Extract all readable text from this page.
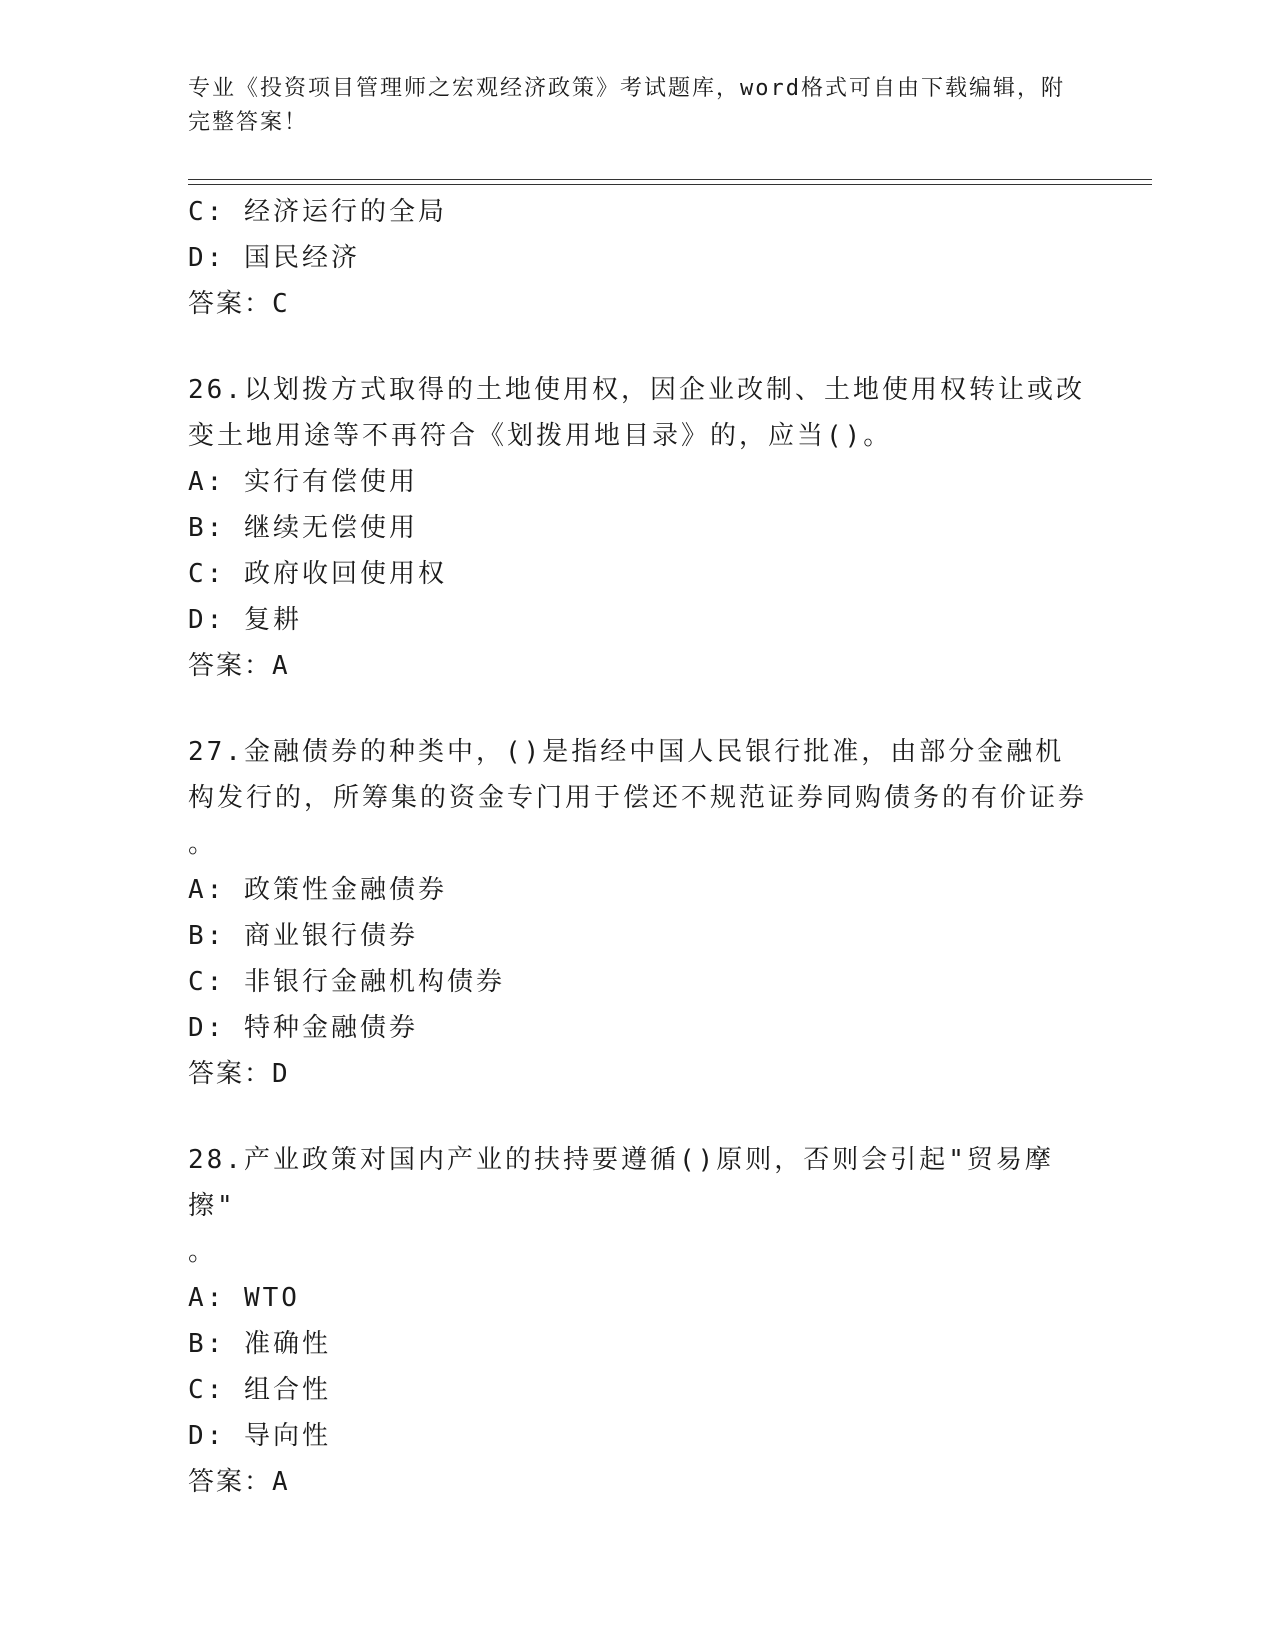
专业《投资项目管理师之宏观经济政策》考试题库，word格式可自由下载编辑，附完整答案！
C: 经济运行的全局
D: 国民经济
答案：C
26.以划拨方式取得的土地使用权，因企业改制、土地使用权转让或改变土地用途等不再符合《划拨用地目录》的，应当()。
A: 实行有偿使用
B: 继续无偿使用
C: 政府收回使用权
D: 复耕
答案：A
27.金融债券的种类中，()是指经中国人民银行批准，由部分金融机构发行的，所筹集的资金专门用于偿还不规范证券同购债务的有价证券
。
A: 政策性金融债券
B: 商业银行债券
C: 非银行金融机构债券
D: 特种金融债券
答案：D
28.产业政策对国内产业的扶持要遵循()原则，否则会引起"贸易摩擦"
。
A: WTO
B: 准确性
C: 组合性
D: 导向性
答案：A
